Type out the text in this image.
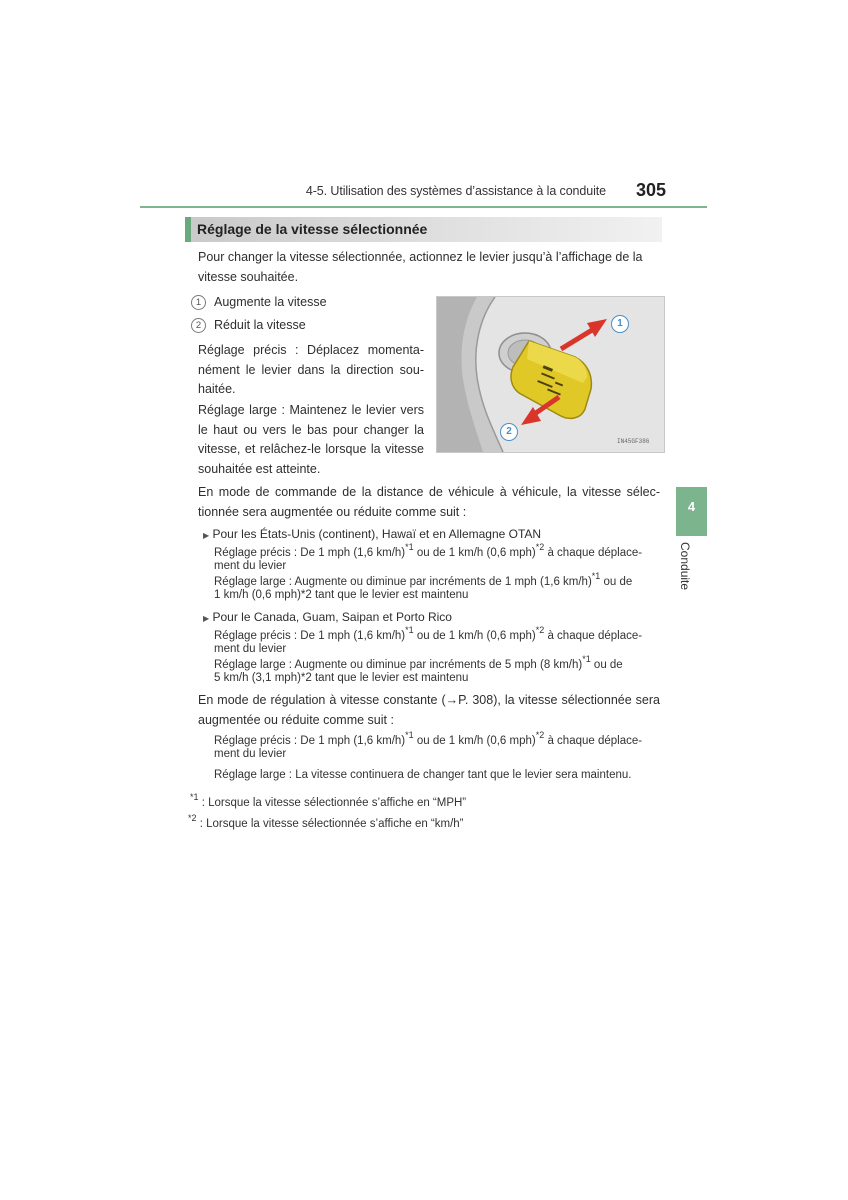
4-5. Utilisation des systèmes d’assistance à la conduite 305
Réglage de la vitesse sélectionnée
Pour changer la vitesse sélectionnée, actionnez le levier jusqu’à l’affichage de la vitesse souhaitée.
1	Augmente la vitesse
2	Réduit la vitesse
Réglage précis : Déplacez momenta- nément le levier dans la direction sou- haitée.
Réglage large : Maintenez le levier vers le haut ou vers le bas pour changer la vitesse, et relâchez-le lorsque la vitesse souhaitée est atteinte.
1
2
IN45GF386
En mode de commande de la distance de véhicule à véhicule, la vitesse sélec- tionnée sera augmentée ou réduite comme suit :
▶ Pour les États-Unis (continent), Hawaï et en Allemagne OTAN
Réglage précis : De 1 mph (1,6 km/h)$^{*1}$ ou de 1 km/h (0,6 mph)$^{*2}$ à chaque déplace-
ment du levier
Réglage large : Augmente ou diminue par incréments de 1 mph (1,6 km/h)$^{*1}$ ou de
1 km/h (0,6 mph)*2 tant que le levier est maintenu
▶ Pour le Canada, Guam, Saipan et Porto Rico
Réglage précis : De 1 mph (1,6 km/h)$^{*1}$ ou de 1 km/h (0,6 mph)$^{*2}$ à chaque déplace-
ment du levier
Réglage large : Augmente ou diminue par incréments de 5 mph (8 km/h)$^{*1}$ ou de
5 km/h (3,1 mph)*2 tant que le levier est maintenu
En mode de régulation à vitesse constante (→P. 308), la vitesse sélectionnée sera augmentée ou réduite comme suit :
Réglage précis : De 1 mph (1,6 km/h)$^{*1}$ ou de 1 km/h (0,6 mph)$^{*2}$ à chaque déplace-
ment du levier
Réglage large : La vitesse continuera de changer tant que le levier sera maintenu.
$^{*1}$ : Lorsque la vitesse sélectionnée s’affiche en “MPH”
$^{*2}$ : Lorsque la vitesse sélectionnée s’affiche en “km/h”
4
Conduite
